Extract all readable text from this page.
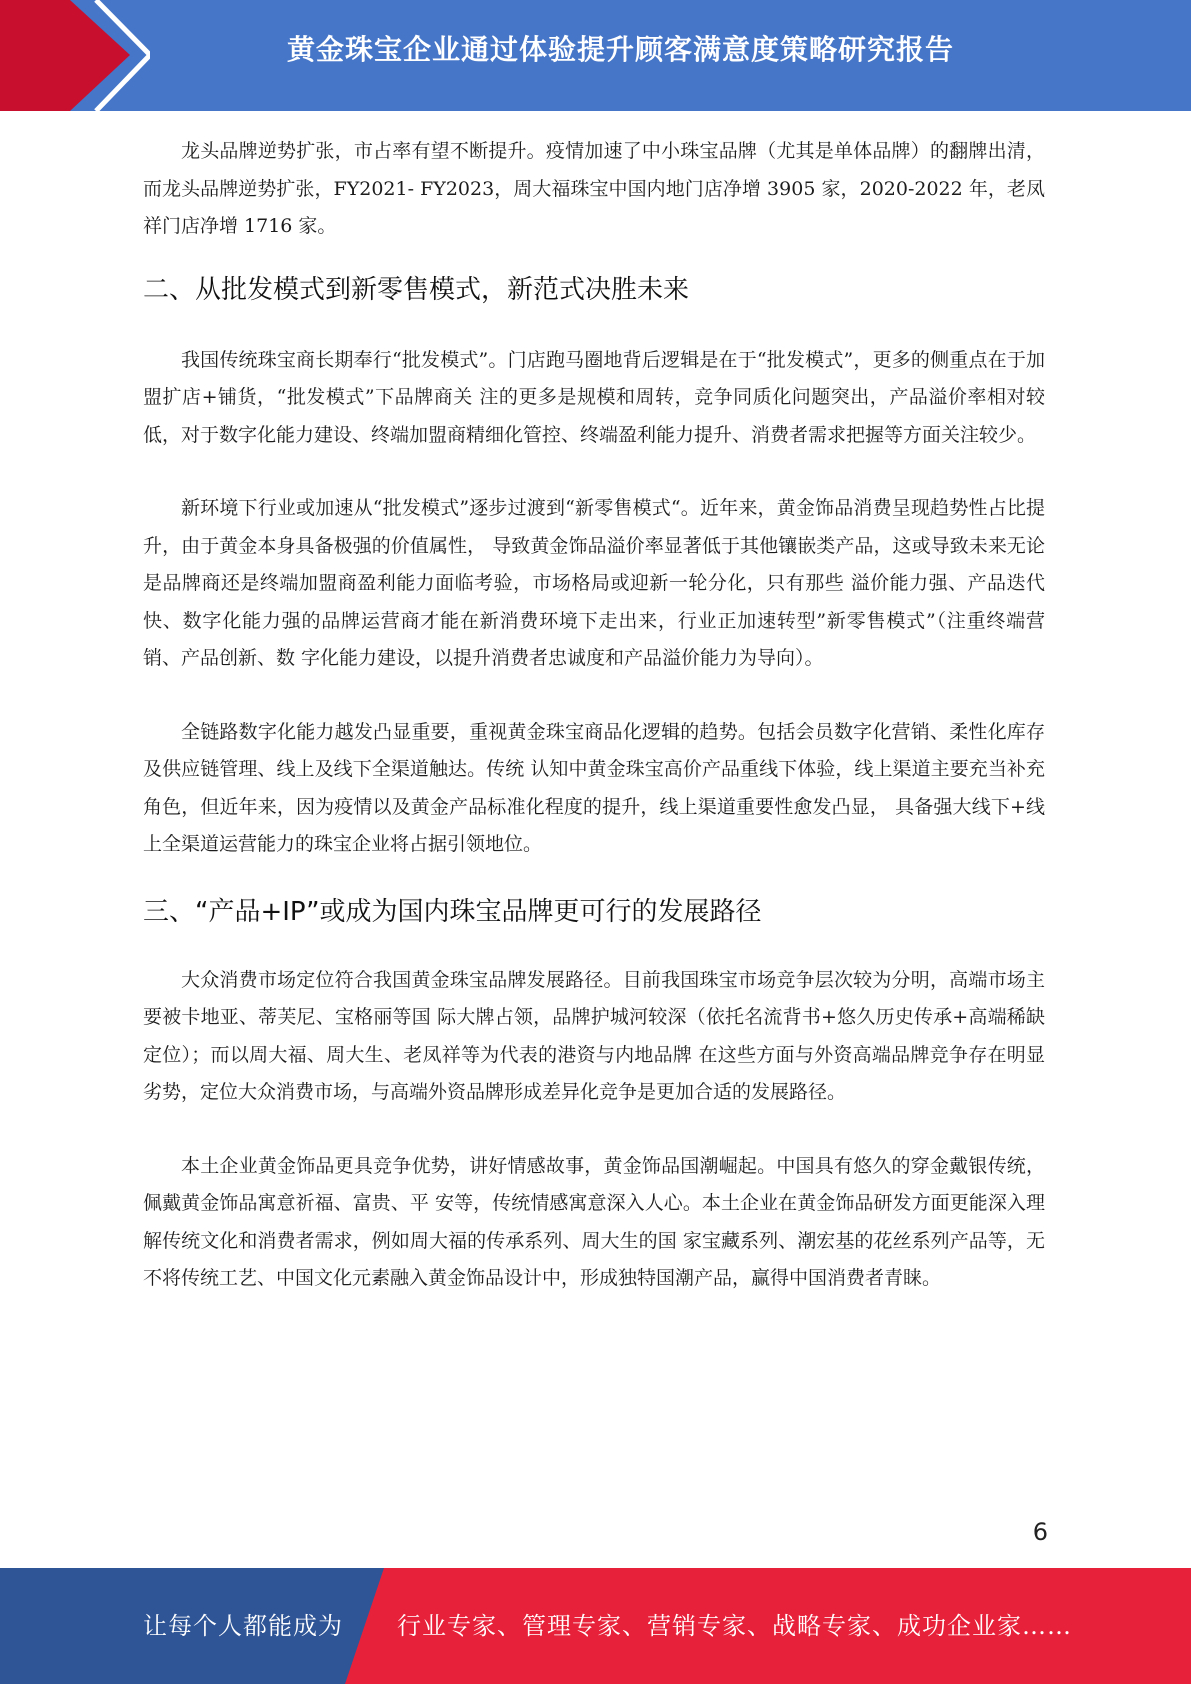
黄金珠宝企业通过体验提升顾客满意度策略研究报告

龙头品牌逆势扩张，市占率有望不断提升。疫情加速了中小珠宝品牌（尤其是单体品牌）的翻牌出清，而龙头品牌逆势扩张，FY2021- FY2023，周大福珠宝中国内地门店净增 3905 家，2020-2022 年，老凤祥门店净增 1716 家。

二、从批发模式到新零售模式，新范式决胜未来

我国传统珠宝商长期奉行“批发模式”。门店跑马圈地背后逻辑是在于“批发模式”，更多的侧重点在于加盟扩店+铺货，“批发模式”下品牌商关 注的更多是规模和周转，竞争同质化问题突出，产品溢价率相对较低，对于数字化能力建设、终端加盟商精细化管控、终端盈利能力提升、消费者需求把握等方面关注较少。

新环境下行业或加速从“批发模式”逐步过渡到“新零售模式“。近年来，黄金饰品消费呈现趋势性占比提升，由于黄金本身具备极强的价值属性， 导致黄金饰品溢价率显著低于其他镶嵌类产品，这或导致未来无论是品牌商还是终端加盟商盈利能力面临考验，市场格局或迎新一轮分化，只有那些 溢价能力强、产品迭代快、数字化能力强的品牌运营商才能在新消费环境下走出来，行业正加速转型”新零售模式”（注重终端营销、产品创新、数 字化能力建设，以提升消费者忠诚度和产品溢价能力为导向）。

全链路数字化能力越发凸显重要，重视黄金珠宝商品化逻辑的趋势。包括会员数字化营销、柔性化库存及供应链管理、线上及线下全渠道触达。传统 认知中黄金珠宝高价产品重线下体验，线上渠道主要充当补充角色，但近年来，因为疫情以及黄金产品标准化程度的提升，线上渠道重要性愈发凸显， 具备强大线下+线上全渠道运营能力的珠宝企业将占据引领地位。

三、“产品+IP”或成为国内珠宝品牌更可行的发展路径

大众消费市场定位符合我国黄金珠宝品牌发展路径。目前我国珠宝市场竞争层次较为分明，高端市场主要被卡地亚、蒂芙尼、宝格丽等国 际大牌占领，品牌护城河较深（依托名流背书+悠久历史传承+高端稀缺定位）；而以周大福、周大生、老凤祥等为代表的港资与内地品牌 在这些方面与外资高端品牌竞争存在明显劣势，定位大众消费市场，与高端外资品牌形成差异化竞争是更加合适的发展路径。

本土企业黄金饰品更具竞争优势，讲好情感故事，黄金饰品国潮崛起。中国具有悠久的穿金戴银传统，佩戴黄金饰品寓意祈福、富贵、平 安等，传统情感寓意深入人心。本土企业在黄金饰品研发方面更能深入理解传统文化和消费者需求，例如周大福的传承系列、周大生的国 家宝藏系列、潮宏基的花丝系列产品等，无不将传统工艺、中国文化元素融入黄金饰品设计中，形成独特国潮产品，赢得中国消费者青睐。

6
让每个人都能成为 行业专家、管理专家、营销专家、战略专家、成功企业家……
